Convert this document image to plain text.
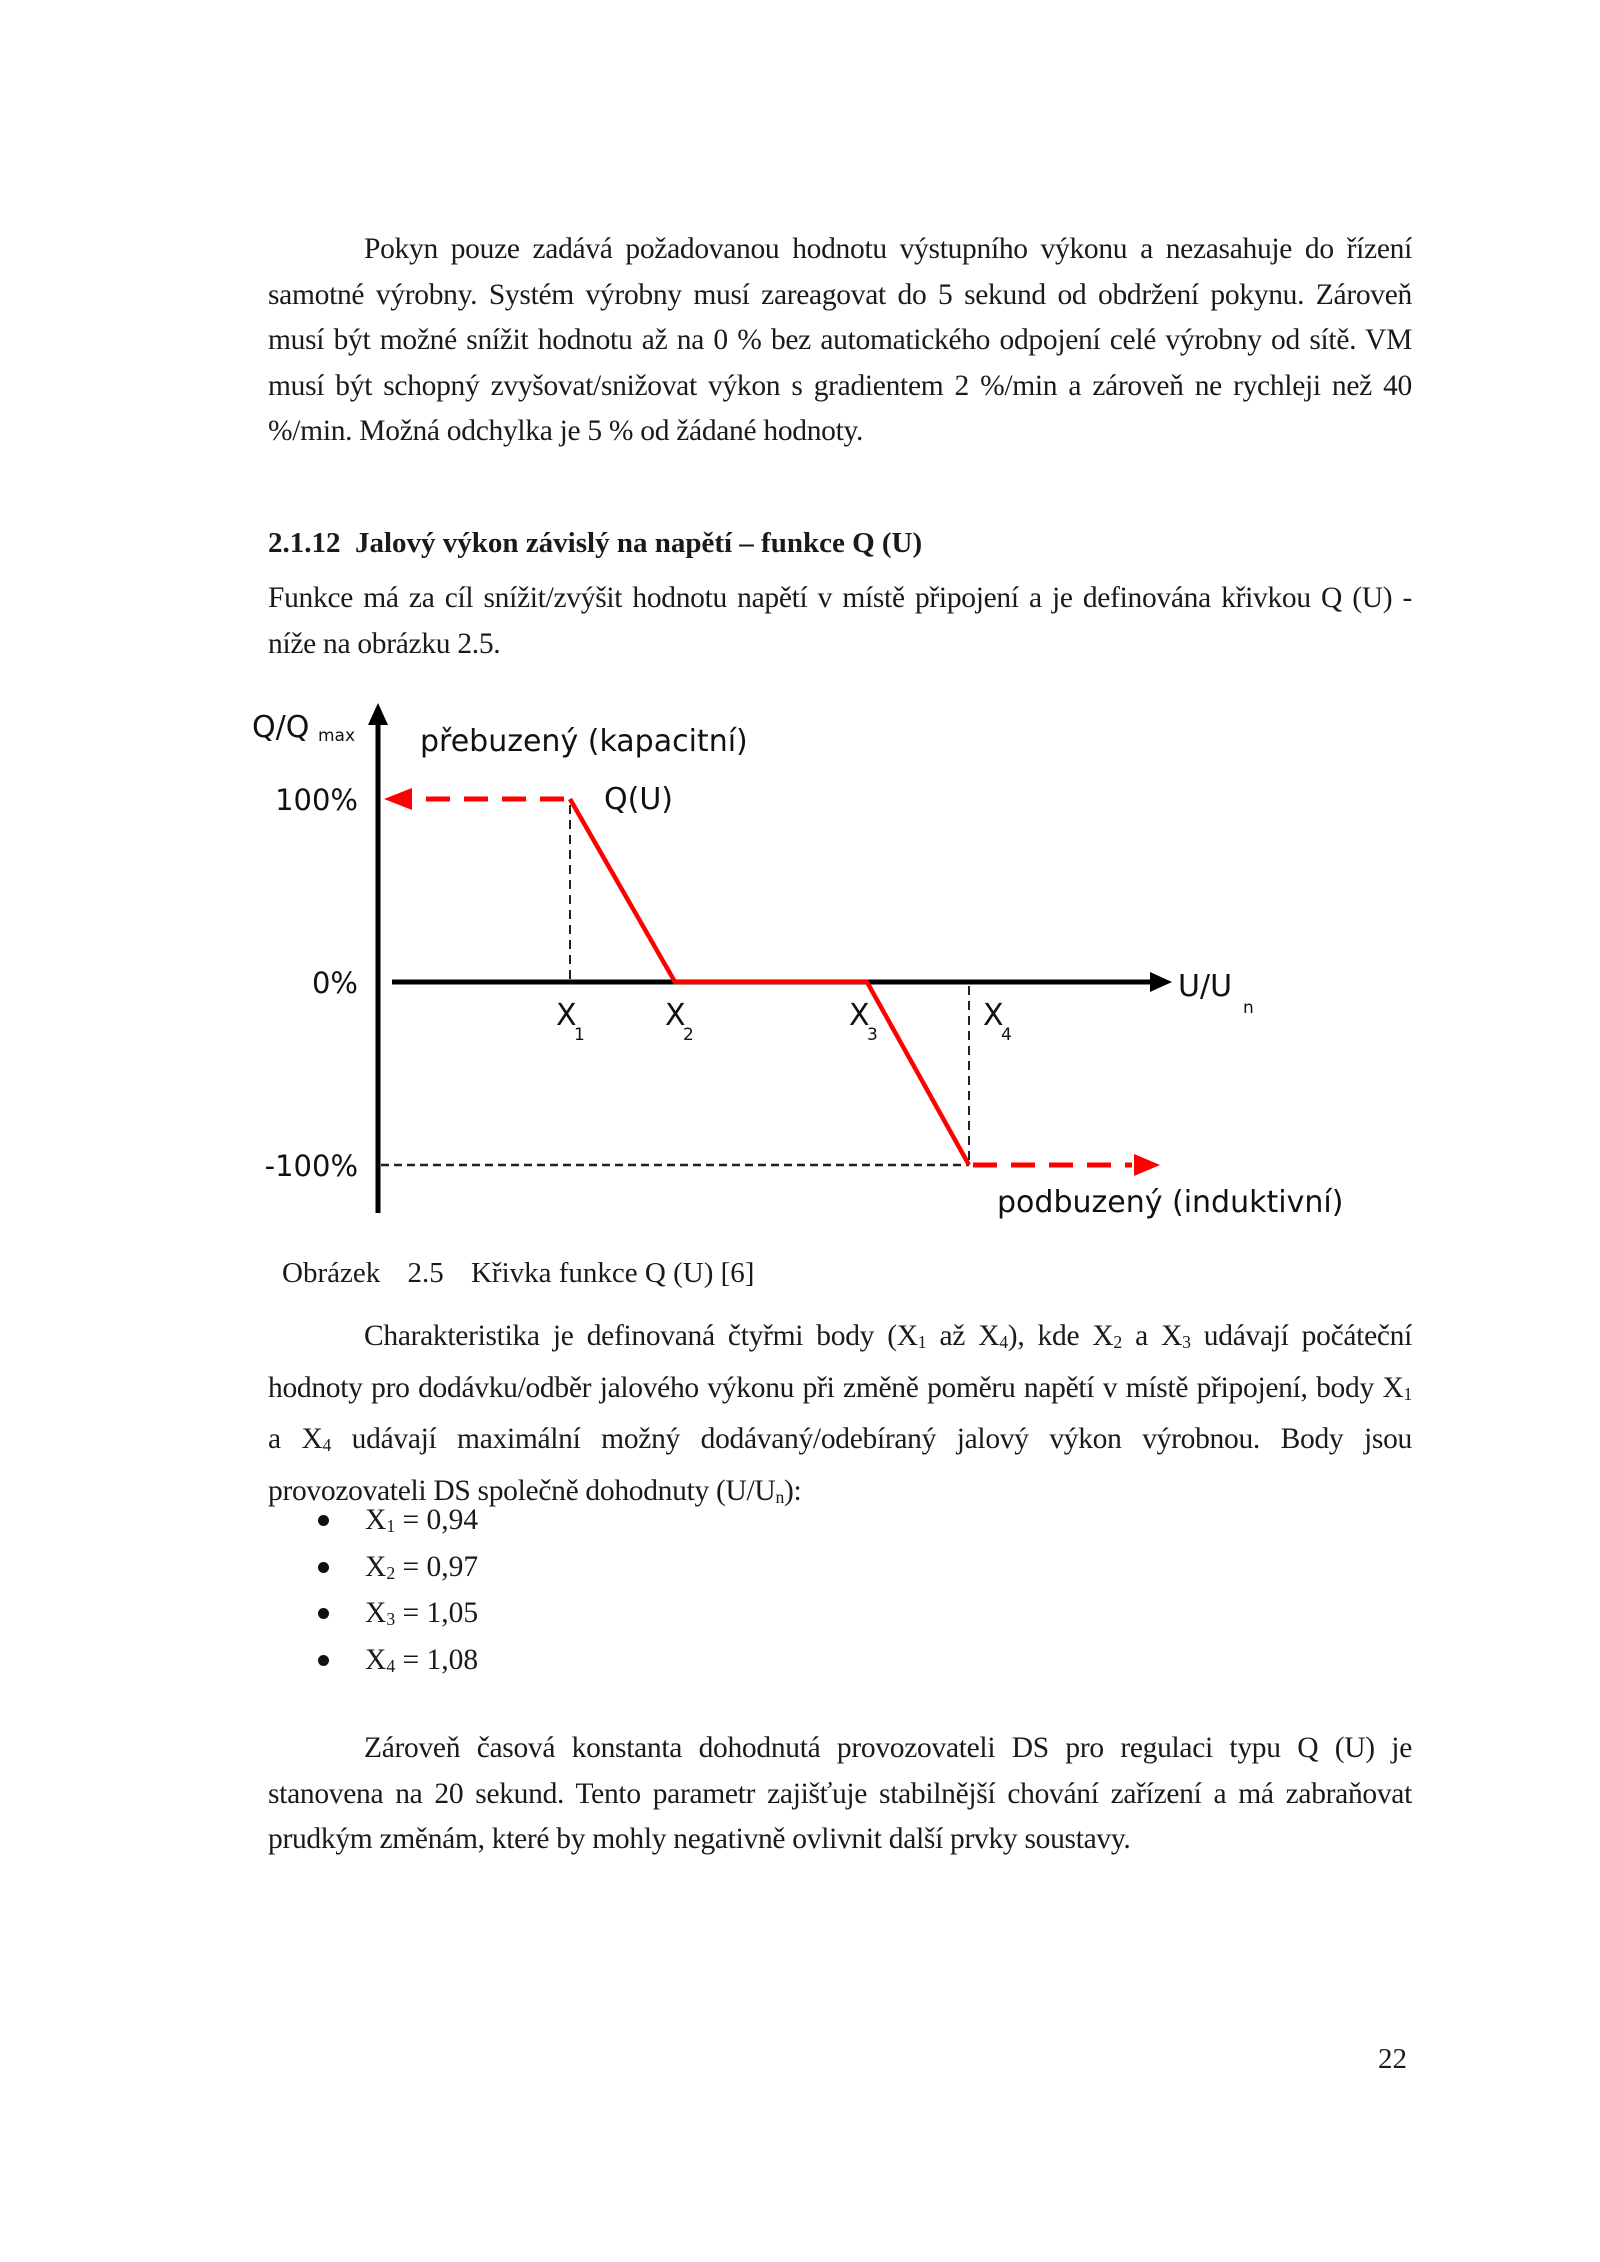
Pokyn pouze zadává požadovanou hodnotu výstupního výkonu a nezasahuje do řízení samotné výrobny. Systém výrobny musí zareagovat do 5 sekund od obdržení pokynu. Zároveň musí být možné snížit hodnotu až na 0 % bez automatického odpojení celé výrobny od sítě. VM musí být schopný zvyšovat/snižovat výkon s gradientem 2 %/min a zároveň ne rychleji než 40 %/min. Možná odchylka je 5 % od žádané hodnoty.
2.1.12 Jalový výkon závislý na napětí – funkce Q (U)
Funkce má za cíl snížit/zvýšit hodnotu napětí v místě připojení a je definována křivkou Q (U) - níže na obrázku 2.5.
Q/Q max
U/U
n
100%
0%
-100%
X
1
X
2
X
3
X
4
přebuzený (kapacitní)
Q(U)
podbuzený (induktivní)
Obrázek 2.5 Křivka funkce Q (U) [6]
Charakteristika je definovaná čtyřmi body ($X_1$ až $X_4$), kde $X_2$ a $X_3$ udávají počáteční hodnoty pro dodávku/odběr jalového výkonu při změně poměru napětí v místě připojení, body $X_1$ a $X_4$ udávají maximální možný dodávaný/odebíraný jalový výkon výrobnou. Body jsou provozovateli DS společně dohodnuty $(U/U_n)$:
$X_1 = 0,94$
$X_2 = 0,97$
$X_3 = 1,05$
$X_4 = 1,08$
Zároveň časová konstanta dohodnutá provozovateli DS pro regulaci typu Q (U) je stanovena na 20 sekund. Tento parametr zajišťuje stabilnější chování zařízení a má zabraňovat prudkým změnám, které by mohly negativně ovlivnit další prvky soustavy.
22
